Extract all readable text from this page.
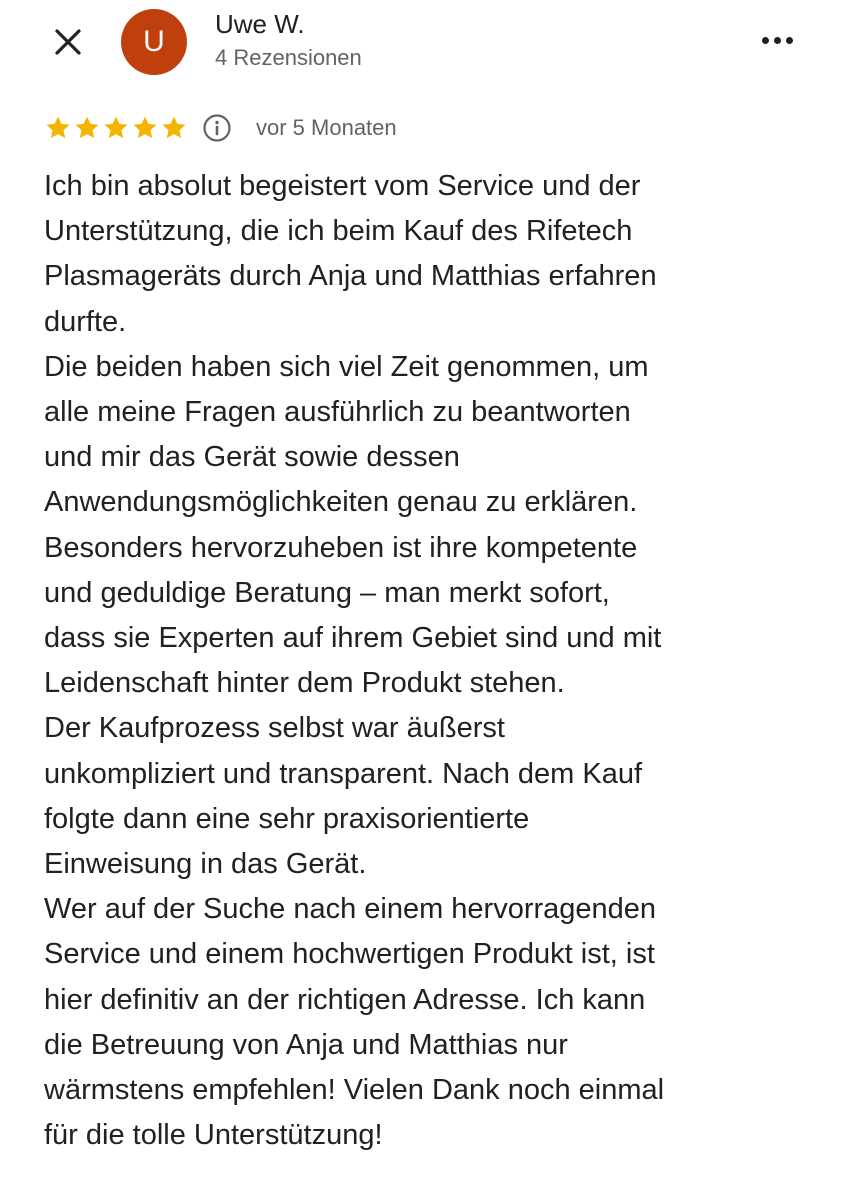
U
Uwe W.
4 Rezensionen
vor 5 Monaten
Ich bin absolut begeistert vom Service und der
Unterstützung, die ich beim Kauf des Rifetech
Plasmageräts durch Anja und Matthias erfahren
durfte.
Die beiden haben sich viel Zeit genommen, um
alle meine Fragen ausführlich zu beantworten
und mir das Gerät sowie dessen
Anwendungsmöglichkeiten genau zu erklären.
Besonders hervorzuheben ist ihre kompetente
und geduldige Beratung – man merkt sofort,
dass sie Experten auf ihrem Gebiet sind und mit
Leidenschaft hinter dem Produkt stehen.
Der Kaufprozess selbst war äußerst
unkompliziert und transparent. Nach dem Kauf
folgte dann eine sehr praxisorientierte
Einweisung in das Gerät.
Wer auf der Suche nach einem hervorragenden
Service und einem hochwertigen Produkt ist, ist
hier definitiv an der richtigen Adresse. Ich kann
die Betreuung von Anja und Matthias nur
wärmstens empfehlen! Vielen Dank noch einmal
für die tolle Unterstützung!
